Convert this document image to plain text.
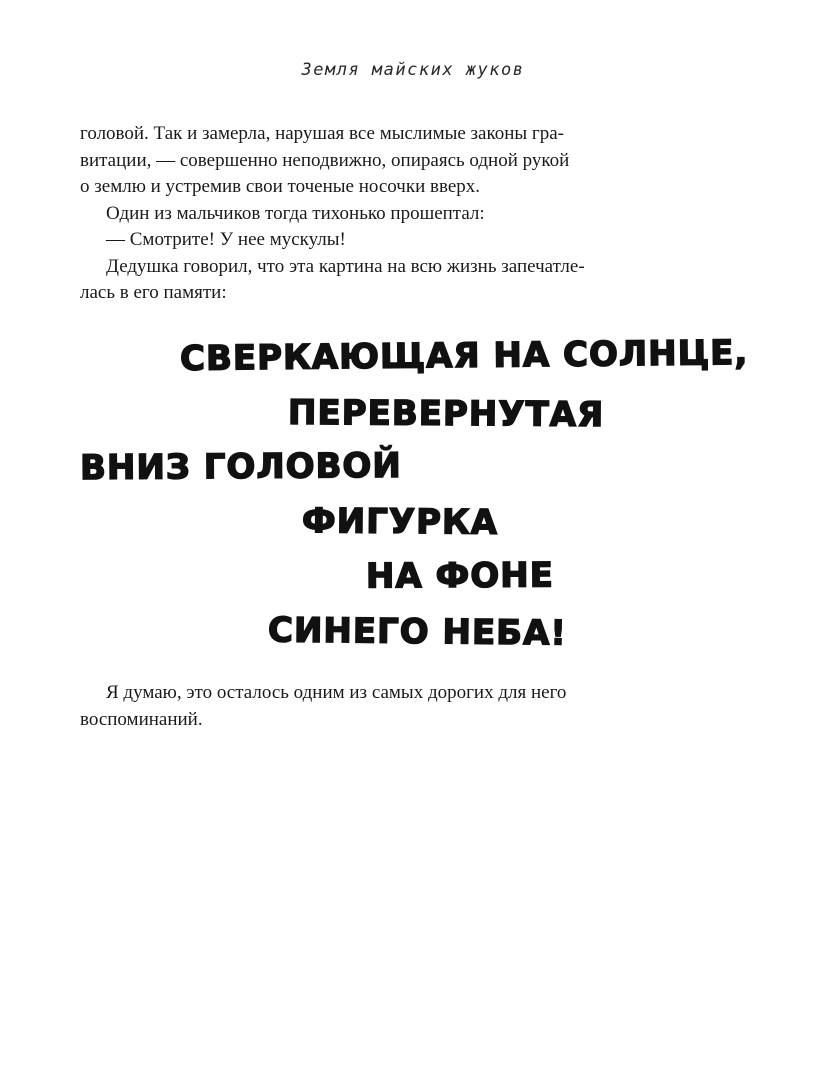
Земля майских жуков

головой. Так и замерла, нарушая все мыслимые законы гра-

витации, — совершенно неподвижно, опираясь одной рукой

о землю и устремив свои точеные носочки вверх.

Один из мальчиков тогда тихонько прошептал:

— Смотрите! У нее мускулы!

Дедушка говорил, что эта картина на всю жизнь запечатле-

лась в его памяти:

СВЕРКАЮЩАЯ НА СОЛНЦЕ,

ПЕРЕВЕРНУТАЯ

ВНИЗ ГОЛОВОЙ

ФИГУРКА

НА ФОНЕ

СИНЕГО НЕБА!

Я думаю, это осталось одним из самых дорогих для него

воспоминаний.
